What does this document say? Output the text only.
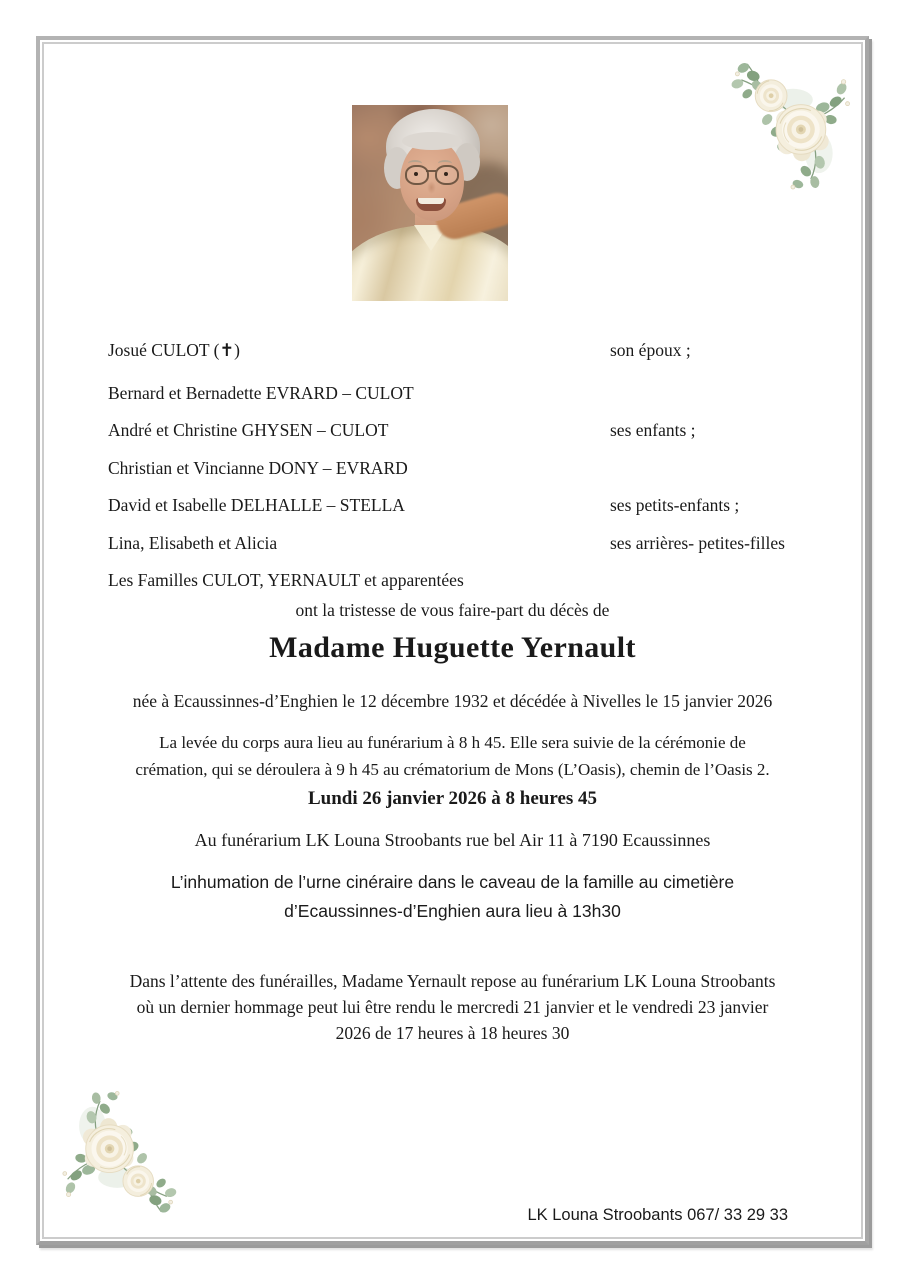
Josué CULOT (✝)	son époux ;
Bernard et Bernadette EVRARD – CULOT
André et Christine GHYSEN – CULOT	ses enfants ;
Christian et Vincianne DONY – EVRARD
David et Isabelle DELHALLE – STELLA	ses petits-enfants ;
Lina, Elisabeth et Alicia	ses arrières- petites-filles
Les Familles CULOT, YERNAULT et apparentées
ont la tristesse de vous faire-part du décès de
Madame Huguette Yernault
née à Ecaussinnes-d’Enghien le 12 décembre 1932 et décédée à Nivelles le 15 janvier 2026
La levée du corps aura lieu au funérarium à 8 h 45. Elle sera suivie de la cérémonie de
crémation, qui se déroulera à 9 h 45 au crématorium de Mons (L’Oasis), chemin de l’Oasis 2.
Lundi 26 janvier 2026 à 8 heures 45
Au funérarium LK Louna Stroobants rue bel Air 11 à 7190 Ecaussinnes
L’inhumation de l’urne cinéraire dans le caveau de la famille au cimetière
d’Ecaussinnes-d’Enghien aura lieu à 13h30
Dans l’attente des funérailles, Madame Yernault repose au funérarium LK Louna Stroobants
où un dernier hommage peut lui être rendu le mercredi 21 janvier et le vendredi 23 janvier
2026 de 17 heures à 18 heures 30
LK Louna Stroobants 067/ 33 29 33
